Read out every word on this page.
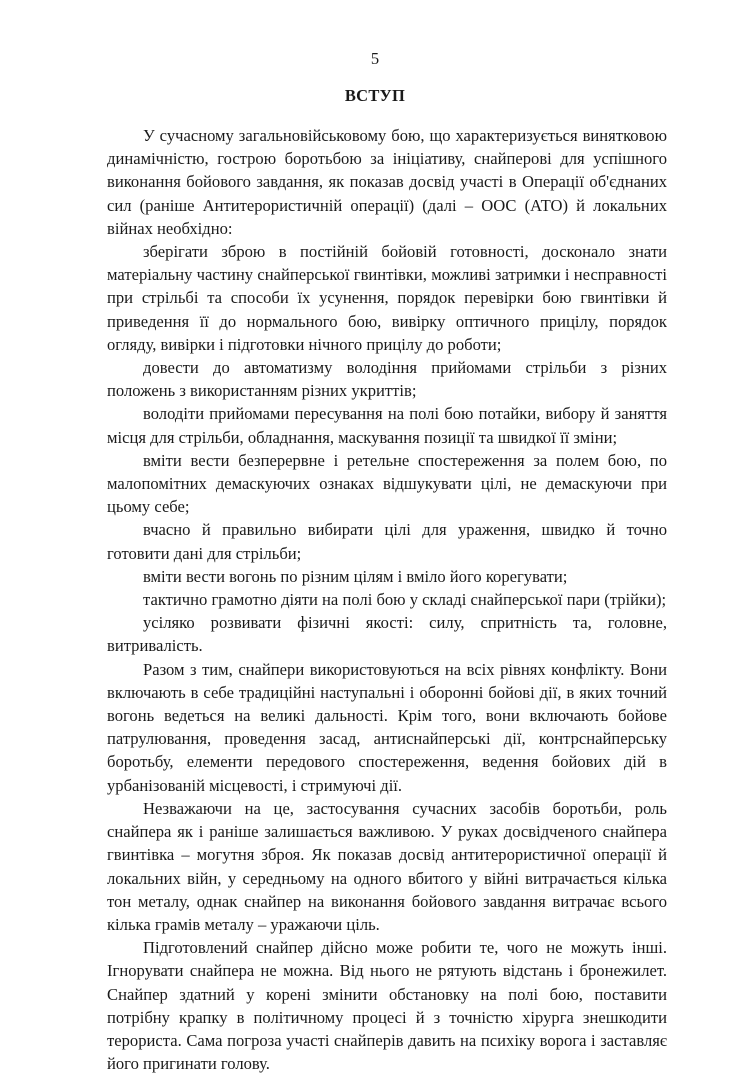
5
ВСТУП

У сучасному загальновійськовому бою, що характеризується винятковою динамічністю, гострою боротьбою за ініціативу, снайперові для успішного виконання бойового завдання, як показав досвід участі в Операції об'єднаних сил (раніше Антитерористичній операції) (далі – ООС (АТО) й локальних війнах необхідно:

зберігати зброю в постійній бойовій готовності, досконало знати матеріальну частину снайперської гвинтівки, можливі затримки і несправності при стрільбі та способи їх усунення, порядок перевірки бою гвинтівки й приведення її до нормального бою, вивірку оптичного прицілу, порядок огляду, вивірки і підготовки нічного прицілу до роботи;

довести до автоматизму володіння прийомами стрільби з різних положень з використанням різних укриттів;

володіти прийомами пересування на полі бою потайки, вибору й заняття місця для стрільби, обладнання, маскування позиції та швидкої її зміни;

вміти вести безперервне і ретельне спостереження за полем бою, по малопомітних демаскуючих ознаках відшукувати цілі, не демаскуючи при цьому себе;

вчасно й правильно вибирати цілі для ураження, швидко й точно готовити дані для стрільби;

вміти вести вогонь по різним цілям і вміло його корегувати;

тактично грамотно діяти на полі бою у складі снайперської пари (трійки);

усіляко розвивати фізичні якості: силу, спритність та, головне, витривалість.

Разом з тим, снайпери використовуються на всіх рівнях конфлікту. Вони включають в себе традиційні наступальні і оборонні бойові дії, в яких точний вогонь ведеться на великі дальності. Крім того, вони включають бойове патрулювання, проведення засад, антиснайперські дії, контрснайперську боротьбу, елементи передового спостереження, ведення бойових дій в урбанізованій місцевості, і стримуючі дії.

Незважаючи на це, застосування сучасних засобів боротьби, роль снайпера як і раніше залишається важливою. У руках досвідченого снайпера гвинтівка – могутня зброя. Як показав досвід антитерористичної операції й локальних війн, у середньому на одного вбитого у війні витрачається кілька тон металу, однак снайпер на виконання бойового завдання витрачає всього кілька грамів металу – уражаючи ціль.

Підготовлений снайпер дійсно може робити те, чого не можуть інші. Ігнорувати снайпера не можна. Від нього не рятують відстань і бронежилет. Снайпер здатний у корені змінити обстановку на полі бою, поставити потрібну крапку в політичному процесі й з точністю хірурга знешкодити терориста. Сама погроза участі снайперів давить на психіку ворога і заставляє його пригинати голову.
